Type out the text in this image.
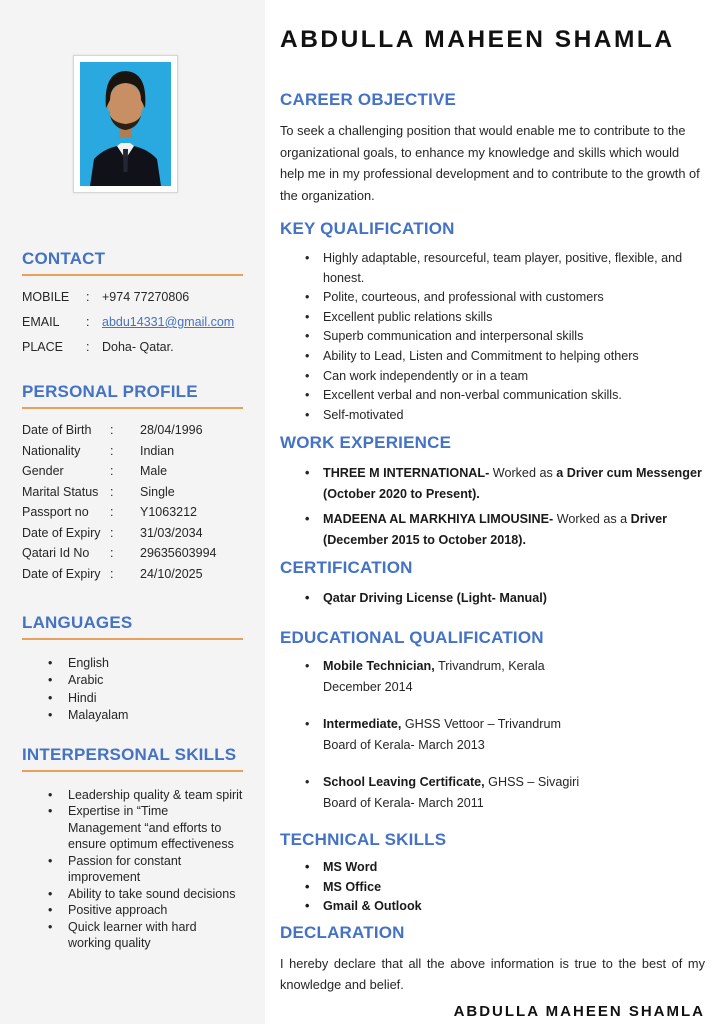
CONTACT
MOBILE	:	+974 77270806
EMAIL	:	abdu14331@gmail.com
PLACE	:	Doha- Qatar.
PERSONAL PROFILE
Date of Birth	:	28/04/1996
Nationality	:	Indian
Gender	:	Male
Marital Status :	Single
Passport no	:	Y1063212
Date of Expiry :	31/03/2034
Qatari Id No	:	29635603994
Date of Expiry :	24/10/2025
LANGUAGES
• English
• Arabic
• Hindi
• Malayalam
INTERPERSONAL SKILLS
• Leadership quality & team spirit
• Expertise in “Time Management “and efforts to ensure optimum effectiveness
• Passion for constant improvement
• Ability to take sound decisions
• Positive approach
• Quick learner with hard working quality
ABDULLA MAHEEN SHAMLA
CAREER OBJECTIVE

To seek a challenging position that would enable me to contribute to the organizational goals, to enhance my knowledge and skills which would help me in my professional development and to contribute to the growth of the organization.

KEY QUALIFICATION
• Highly adaptable, resourceful, team player, positive, flexible, and honest.
• Polite, courteous, and professional with customers
• Excellent public relations skills
• Superb communication and interpersonal skills
• Ability to Lead, Listen and Commitment to helping others
• Can work independently or in a team
• Excellent verbal and non-verbal communication skills.
• Self-motivated
WORK EXPERIENCE
• THREE M INTERNATIONAL- Worked as a Driver cum Messenger
(October 2020 to Present).
• MADEENA AL MARKHIYA LIMOUSINE- Worked as a Driver
(December 2015 to October 2018).
CERTIFICATION
• Qatar Driving License (Light- Manual)
EDUCATIONAL QUALIFICATION
• Mobile Technician, Trivandrum, Kerala
December 2014
• Intermediate, GHSS Vettoor – Trivandrum
Board of Kerala- March 2013
• School Leaving Certificate, GHSS – Sivagiri
Board of Kerala- March 2011
TECHNICAL SKILLS
• MS Word
• MS Office
• Gmail & Outlook
DECLARATION

I hereby declare that all the above information is true to the best of my knowledge and belief.

ABDULLA MAHEEN SHAMLA
